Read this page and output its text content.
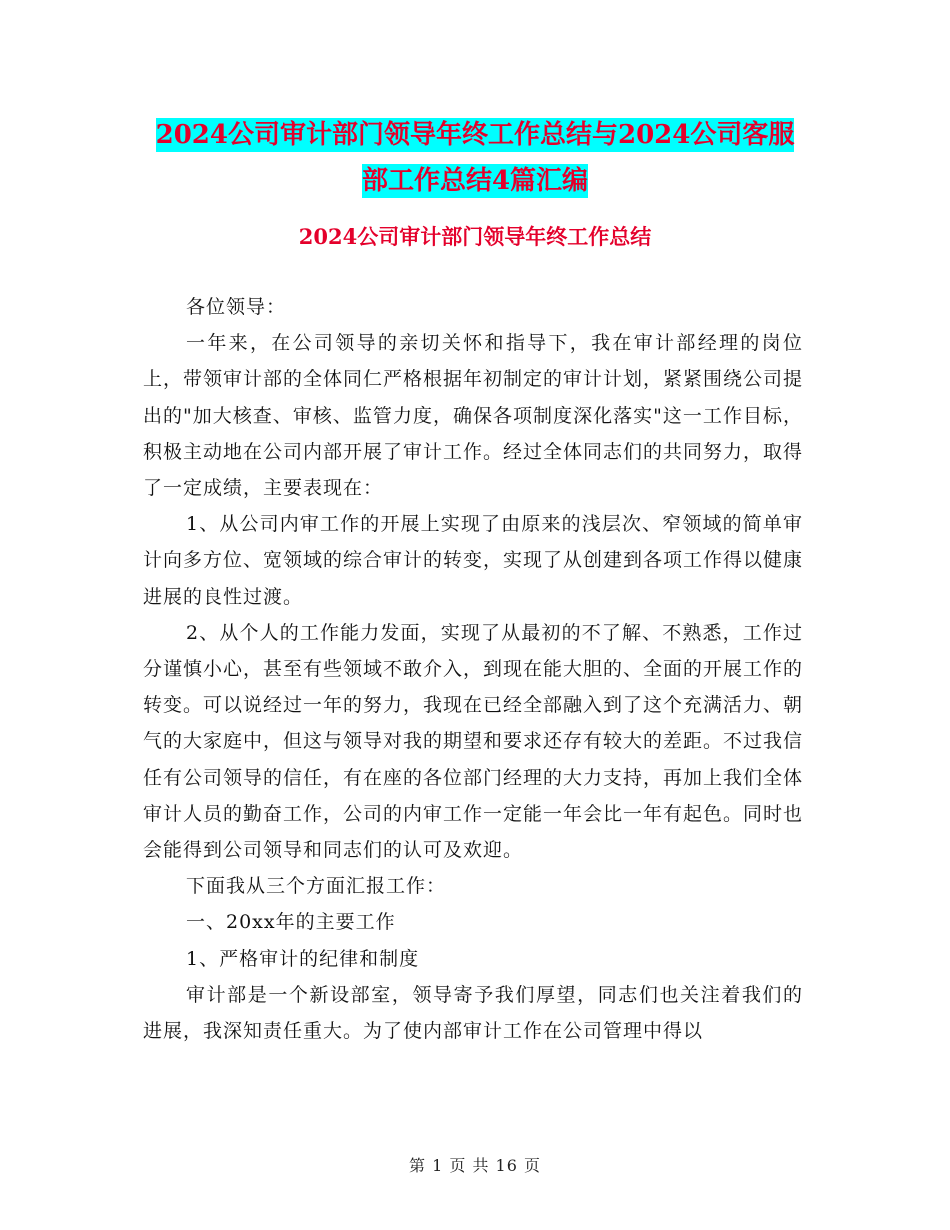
2024公司审计部门领导年终工作总结与2024公司客服
部工作总结4篇汇编
2024公司审计部门领导年终工作总结

各位领导：

一年来，在公司领导的亲切关怀和指导下，我在审计部经理的岗位上，带领审计部的全体同仁严格根据年初制定的审计计划，紧紧围绕公司提出的"加大核查、审核、监管力度，确保各项制度深化落实"这一工作目标，积极主动地在公司内部开展了审计工作。经过全体同志们的共同努力，取得了一定成绩，主要表现在：

1、从公司内审工作的开展上实现了由原来的浅层次、窄领域的简单审计向多方位、宽领域的综合审计的转变，实现了从创建到各项工作得以健康进展的良性过渡。

2、从个人的工作能力发面，实现了从最初的不了解、不熟悉，工作过分谨慎小心，甚至有些领域不敢介入，到现在能大胆的、全面的开展工作的转变。可以说经过一年的努力，我现在已经全部融入到了这个充满活力、朝气的大家庭中，但这与领导对我的期望和要求还存有较大的差距。不过我信任有公司领导的信任，有在座的各位部门经理的大力支持，再加上我们全体审计人员的勤奋工作，公司的内审工作一定能一年会比一年有起色。同时也会能得到公司领导和同志们的认可及欢迎。

下面我从三个方面汇报工作：

一、20xx年的主要工作

1、严格审计的纪律和制度

审计部是一个新设部室，领导寄予我们厚望，同志们也关注着我们的进展，我深知责任重大。为了使内部审计工作在公司管理中得以

第 1 页 共 16 页
